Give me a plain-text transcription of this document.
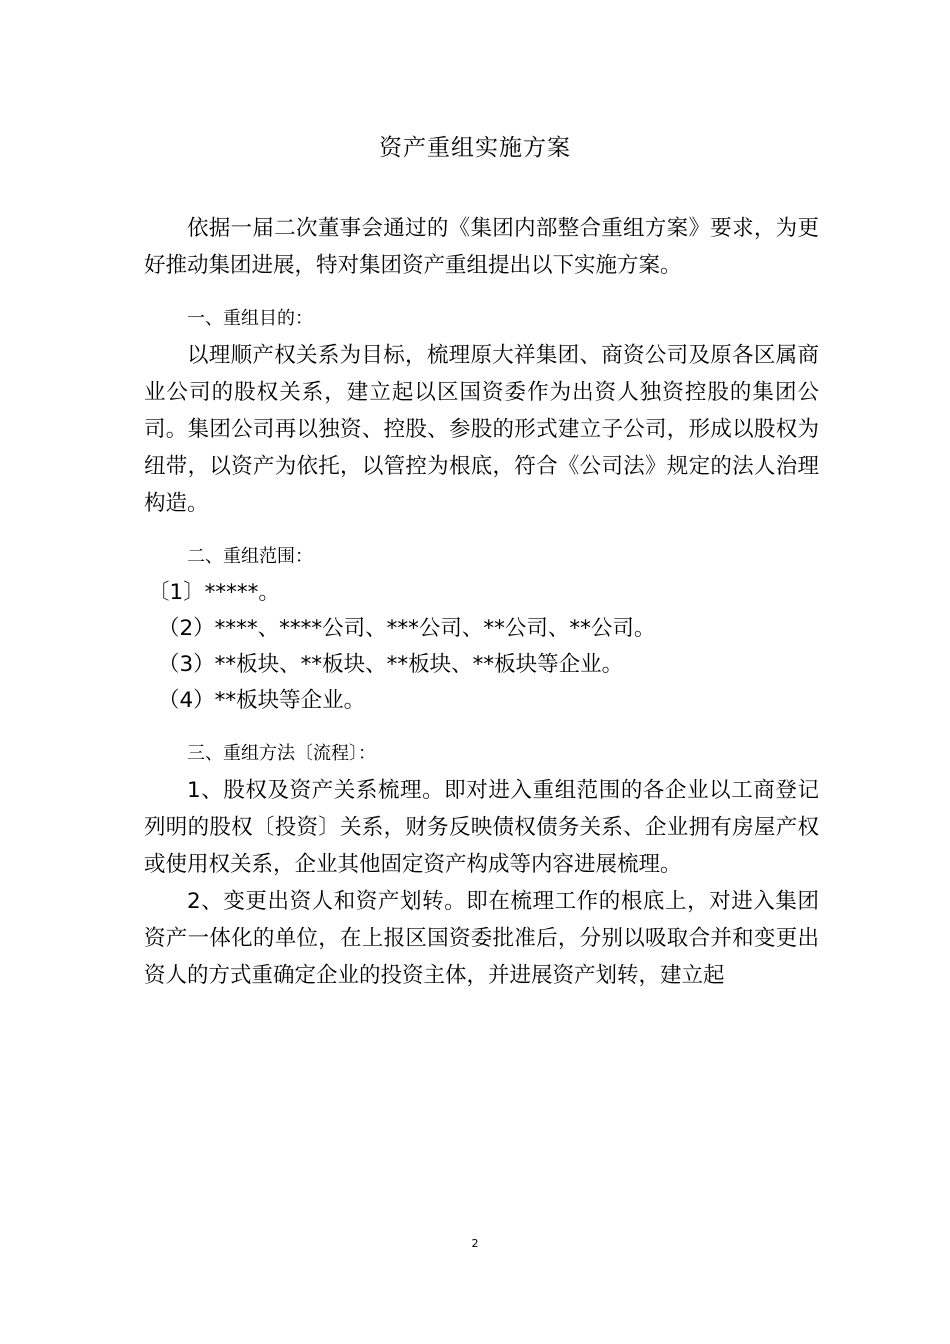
资产重组实施方案

依据一届二次董事会通过的《集团内部整合重组方案》要求，为更好推动集团进展，特对集团资产重组提出以下实施方案。

一、重组目的：

以理顺产权关系为目标，梳理原大祥集团、商资公司及原各区属商业公司的股权关系，建立起以区国资委作为出资人独资控股的集团公司。集团公司再以独资、控股、参股的形式建立子公司，形成以股权为纽带，以资产为依托，以管控为根底，符合《公司法》规定的法人治理构造。

二、重组范围：

〔1〕*****。

（2）****、****公司、***公司、**公司、**公司。

（3）**板块、**板块、**板块、**板块等企业。

（4）**板块等企业。

三、重组方法〔流程〕：

1、股权及资产关系梳理。即对进入重组范围的各企业以工商登记列明的股权〔投资〕关系，财务反映债权债务关系、企业拥有房屋产权或使用权关系，企业其他固定资产构成等内容进展梳理。

2、变更出资人和资产划转。即在梳理工作的根底上，对进入集团资产一体化的单位，在上报区国资委批准后，分别以吸取合并和变更出资人的方式重确定企业的投资主体，并进展资产划转，建立起

2
